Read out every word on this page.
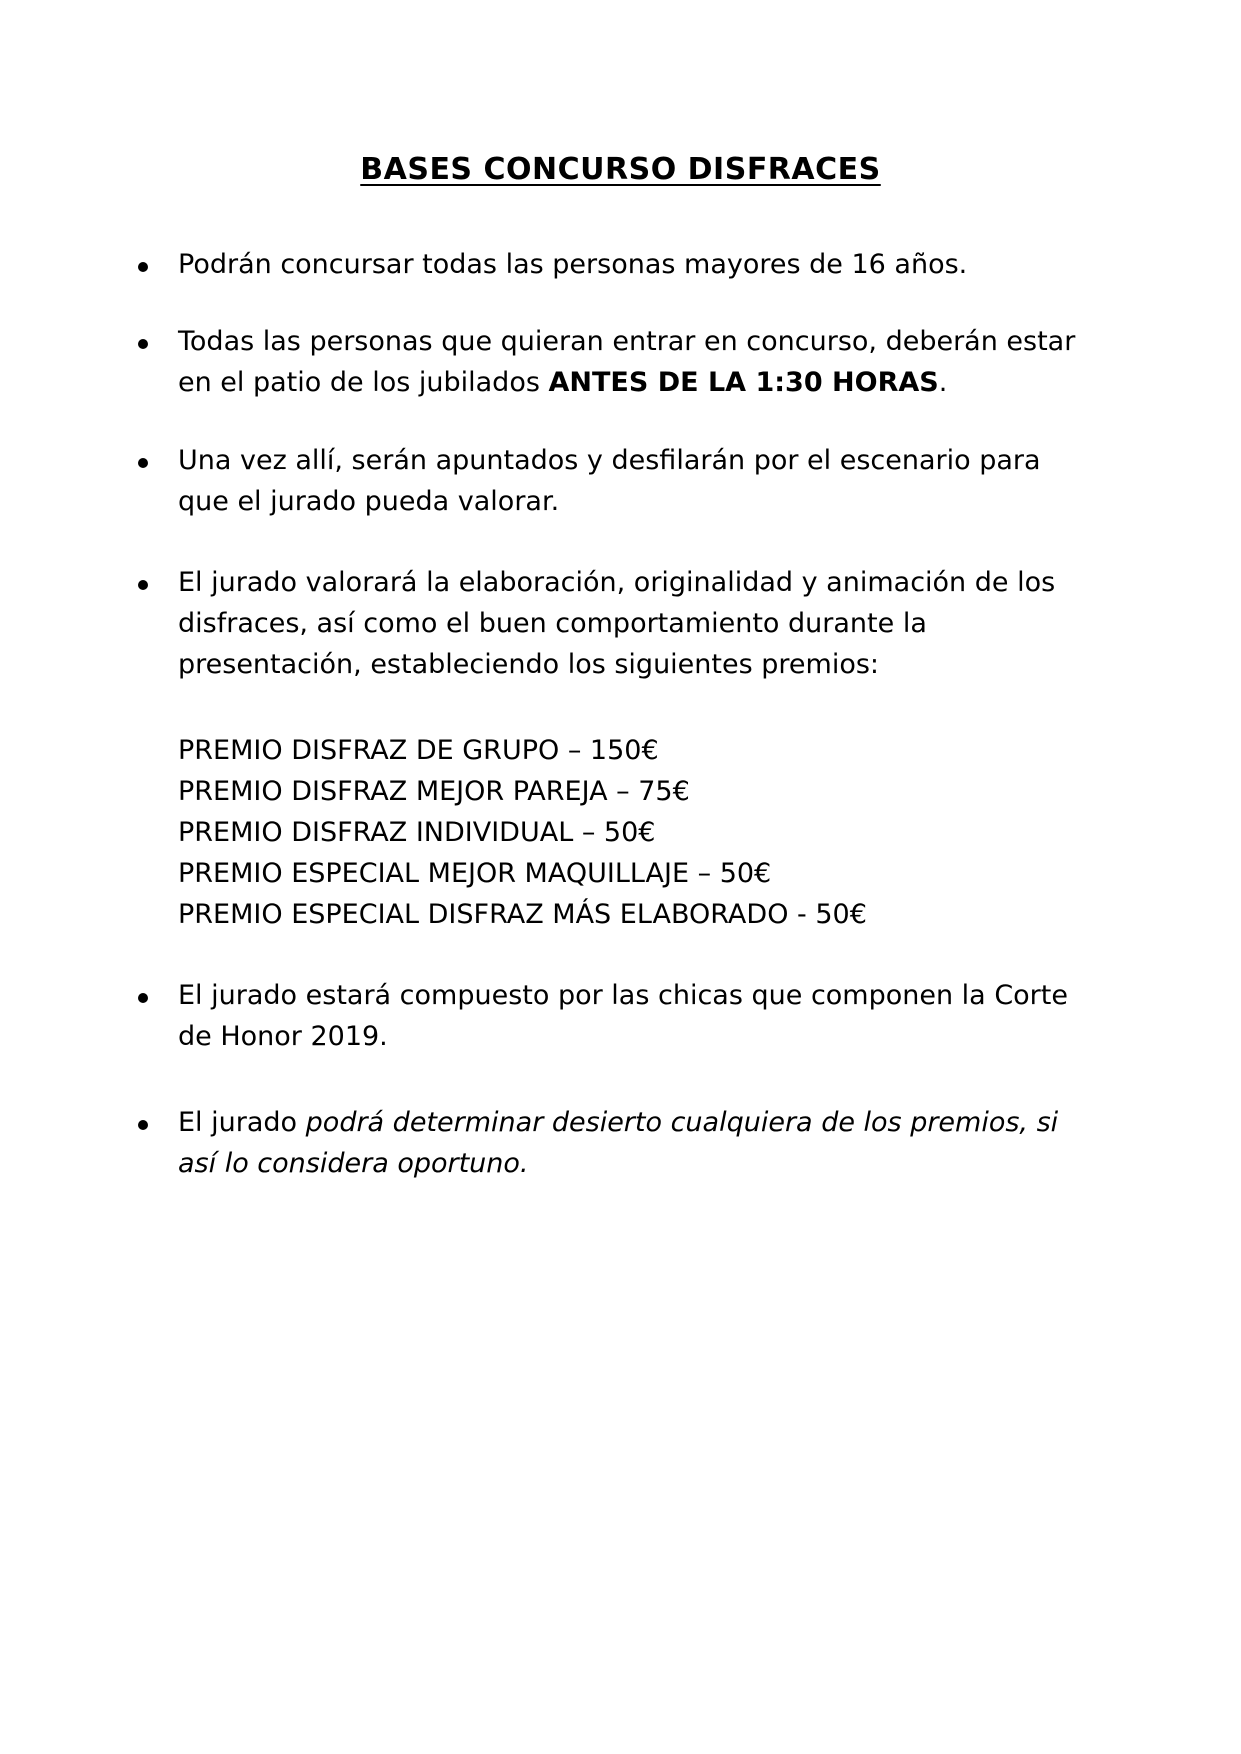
BASES CONCURSO DISFRACES
Podrán concursar todas las personas mayores de 16 años.
Todas las personas que quieran entrar en concurso, deberán estar en el patio de los jubilados ANTES DE LA 1:30 HORAS.
Una vez allí, serán apuntados y desfilarán por el escenario para que el jurado pueda valorar.
El jurado valorará la elaboración, originalidad y animación de los disfraces, así como el buen comportamiento durante la presentación, estableciendo los siguientes premios:
PREMIO DISFRAZ DE GRUPO – 150€
PREMIO DISFRAZ MEJOR PAREJA – 75€
PREMIO DISFRAZ INDIVIDUAL – 50€
PREMIO ESPECIAL MEJOR MAQUILLAJE – 50€
PREMIO ESPECIAL DISFRAZ MÁS ELABORADO - 50€
El jurado estará compuesto por las chicas que componen la Corte de Honor 2019.
El jurado podrá determinar desierto cualquiera de los premios, si así lo considera oportuno.
